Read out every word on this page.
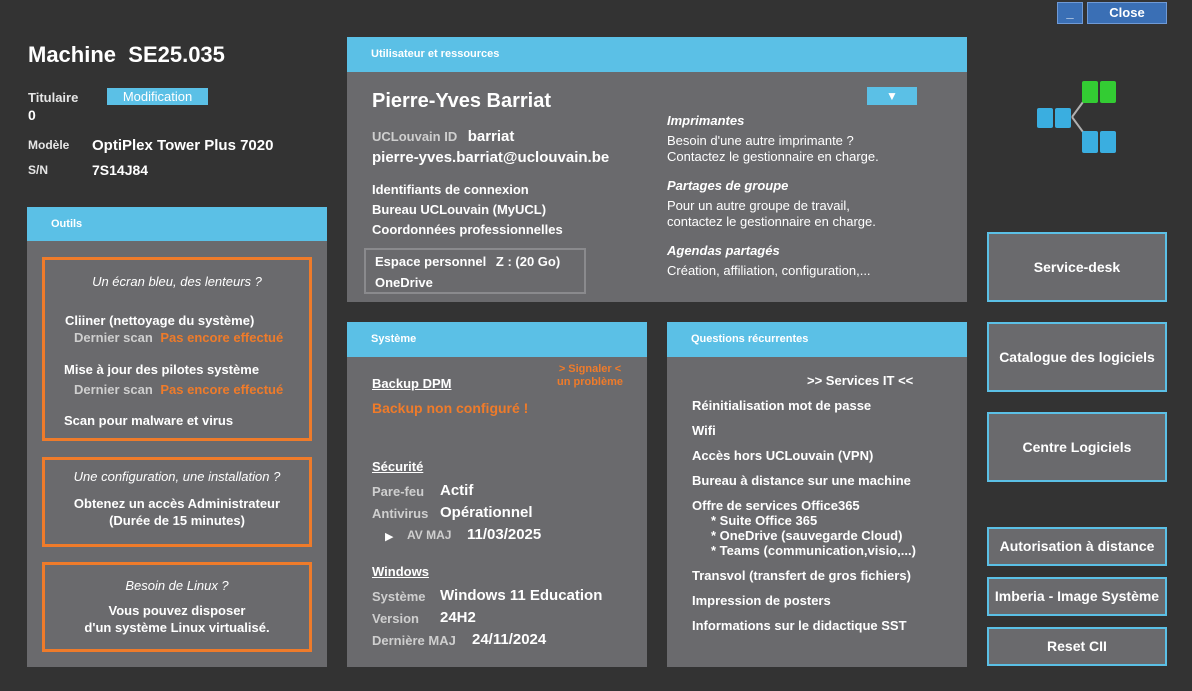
_	Close
Machine SE25.035
Titulaire	Modification
0
Modèle OptiPlex Tower Plus 7020
S/N	7S14J84
Outils
Un écran bleu, des lenteurs ?
Cliiner (nettoyage du système)
Dernier scan Pas encore effectué
Mise à jour des pilotes système
Dernier scan Pas encore effectué
Scan pour malware et virus
Une configuration, une installation ?
Obtenez un accès Administrateur
(Durée de 15 minutes)
Besoin de Linux ?
Vous pouvez disposer
d'un système Linux virtualisé.
Utilisateur et ressources
Pierre-Yves Barriat	▼
UCLouvain ID barriat
pierre-yves.barriat@uclouvain.be
Identifiants de connexion
Bureau UCLouvain (MyUCL)
Coordonnées professionnelles
Espace personnel Z : (20 Go)
OneDrive
Imprimantes
Besoin d'une autre imprimante ?
Contactez le gestionnaire en charge.
Partages de groupe
Pour un autre groupe de travail,
contactez le gestionnaire en charge.
Agendas partagés
Création, affiliation, configuration,...
Système
> Signaler <
un problème
Backup DPM
Backup non configuré !
Sécurité
Pare-feu Actif
Antivirus Opérationnel
▶ AV MAJ 11/03/2025
Windows
Système Windows 11 Education
Version 24H2
Dernière MAJ 24/11/2024
Questions récurrentes
>> Services IT <<
Réinitialisation mot de passe
Wifi
Accès hors UCLouvain (VPN)
Bureau à distance sur une machine
Offre de services Office365
* Suite Office 365
* OneDrive (sauvegarde Cloud)
* Teams (communication,visio,...)
Transvol (transfert de gros fichiers)
Impression de posters
Informations sur le didactique SST
Service-desk
Catalogue des logiciels
Centre Logiciels
Autorisation à distance
Imberia - Image Système
Reset CII
